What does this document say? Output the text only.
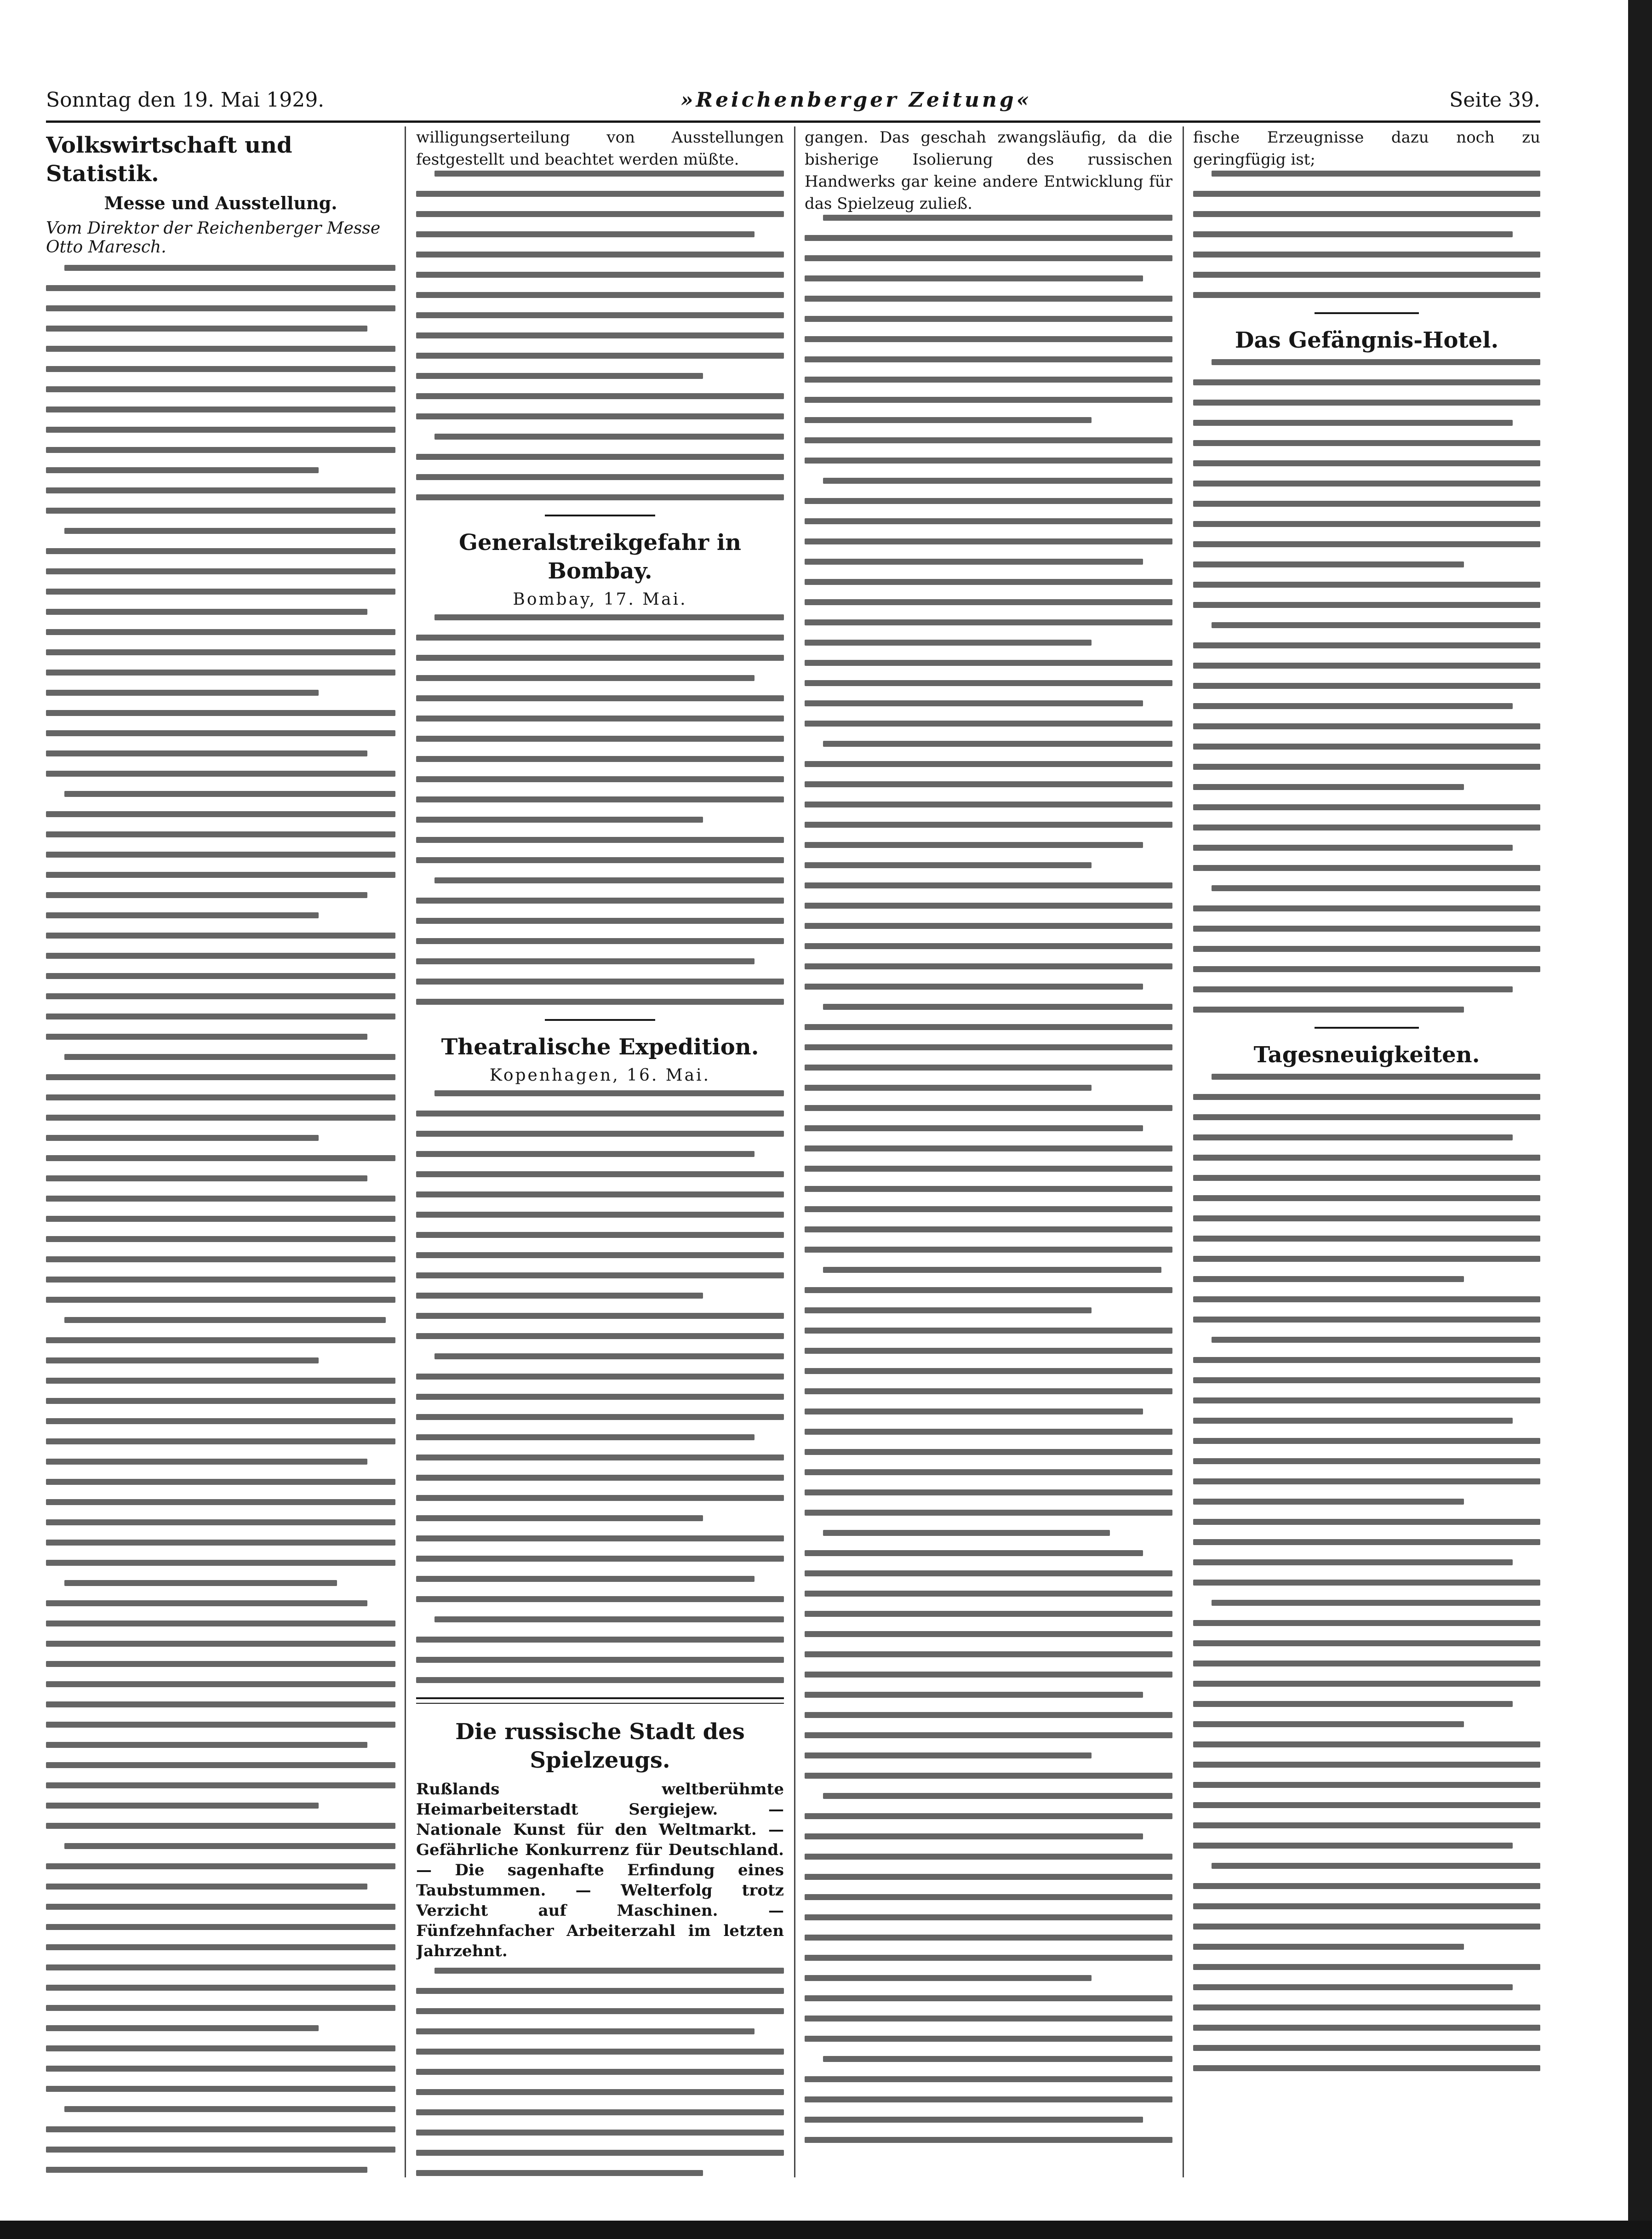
Sonntag den 19. Mai 1929.	»Reichenberger Zeitung«	Seite 39.
Volkswirtschaft und Statistik.
Messe und Ausstellung.
Vom Direktor der Reichenberger Messe Otto Maresch.

willigungserteilung von Ausstellungen festgestellt und beachtet werden müßte.

Generalstreikgefahr in Bombay.
Bombay, 17. Mai.
Theatralische Expedition.
Kopenhagen, 16. Mai.
Die russische Stadt des Spielzeugs.
Rußlands weltberühmte Heimarbeiterstadt Sergiejew. — Nationale Kunst für den Weltmarkt. — Gefährliche Konkurrenz für Deutschland. — Die sagenhafte Erfindung eines Taubstummen. — Welterfolg trotz Verzicht auf Maschinen. — Fünfzehnfacher Arbeiterzahl im letzten Jahrzehnt.

gangen. Das geschah zwangsläufig, da die bisherige Isolierung des russischen Handwerks gar keine andere Entwicklung für das Spielzeug zuließ.

fische Erzeugnisse dazu noch zu geringfügig ist;

Das Gefängnis-Hotel.
Tagesneuigkeiten.
